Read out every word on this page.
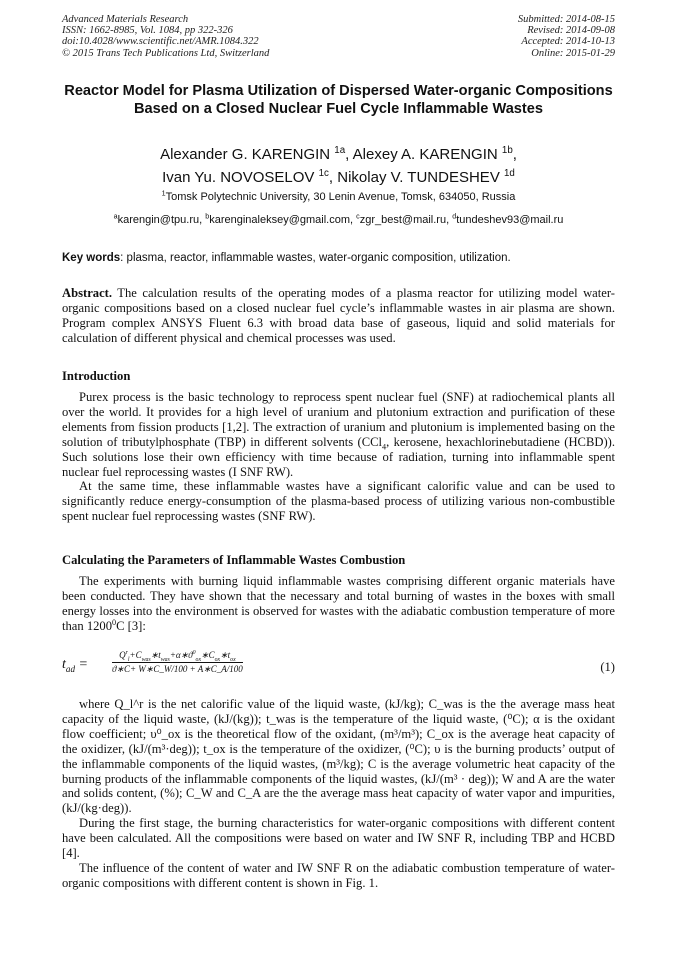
Advanced Materials Research
ISSN: 1662-8985, Vol. 1084, pp 322-326
doi:10.4028/www.scientific.net/AMR.1084.322
© 2015 Trans Tech Publications Ltd, Switzerland
Submitted: 2014-08-15
Revised: 2014-09-08
Accepted: 2014-10-13
Online: 2015-01-29
Reactor Model for Plasma Utilization of Dispersed Water-organic Compositions Based on a Closed Nuclear Fuel Cycle Inflammable Wastes
Alexander G. KARENGIN $^{1a}$, Alexey A. KARENGIN $^{1b}$,
Ivan Yu. NOVOSELOV $^{1c}$, Nikolay V. TUNDESHEV $^{1d}$
$^1$Tomsk Polytechnic University, 30 Lenin Avenue, Tomsk, 634050, Russia
$^a$karengin@tpu.ru, $^b$karenginaleksey@gmail.com, $^c$zgr_best@mail.ru, $^d$tundeshev93@mail.ru
Key words: plasma, reactor, inflammable wastes, water-organic composition, utilization.

Abstract. The calculation results of the operating modes of a plasma reactor for utilizing model water-organic compositions based on a closed nuclear fuel cycle’s inflammable wastes in air plasma are shown. Program complex ANSYS Fluent 6.3 with broad data base of gaseous, liquid and solid materials for calculation of different physical and chemical processes was used.

Introduction

Purex process is the basic technology to reprocess spent nuclear fuel (SNF) at radiochemical plants all over the world. It provides for a high level of uranium and plutonium extraction and purification of these elements from fission products [1,2]. The extraction of uranium and plutonium is implemented basing on the solution of tributylphosphate (TBP) in different solvents (CCl$_4$, kerosene, hexachlorinebutadiene (HCBD)). Such solutions lose their own efficiency with time because of radiation, turning into inflammable spent nuclear fuel reprocessing wastes (I SNF RW).

At the same time, these inflammable wastes have a significant calorific value and can be used to significantly reduce energy-consumption of the plasma-based process of utilizing various non-combustible spent nuclear fuel reprocessing wastes (SNF RW).

Calculating the Parameters of Inflammable Wastes Combustion

The experiments with burning liquid inflammable wastes comprising different organic materials have been conducted. They have shown that the necessary and total burning of wastes in the boxes with small energy losses into the environment is observed for wastes with the adiabatic combustion temperature of more than 1200$^0$C [3]:

$t_{ad}$ =
$Q^r_l+C_{was}∗t_{was}+\alpha∗ϑ^0_{ox}∗C_{ox}∗t_{ox}$
ϑ∗C+ W∗C_W/100 + A∗C_A/100	(1)

where Q_l^r is the net calorific value of the liquid waste, (kJ/kg); C_was is the the average mass heat capacity of the liquid waste, (kJ/(kg)); t_was is the temperature of the liquid waste, (⁰C); α is the oxidant flow coefficient; υ⁰_ox is the theoretical flow of the oxidant, (m³/m³); C_ox is the average heat capacity of the oxidizer, (kJ/(m³·deg)); t_ox is the temperature of the oxidizer, (⁰C); υ is the burning products’ output of the inflammable components of the liquid wastes, (m³/kg); C is the average volumetric heat capacity of the burning products of the inflammable components of the liquid wastes, (kJ/(m³ · deg)); W and A are the water and solids content, (%); C_W and C_A are the the average mass heat capacity of water vapor and impurities, (kJ/(kg·deg)).

During the first stage, the burning characteristics for water-organic compositions with different content have been calculated. All the compositions were based on water and IW SNF R, including TBP and HCBD [4].

The influence of the content of water and IW SNF R on the adiabatic combustion temperature of water-organic compositions with different content is shown in Fig. 1.
